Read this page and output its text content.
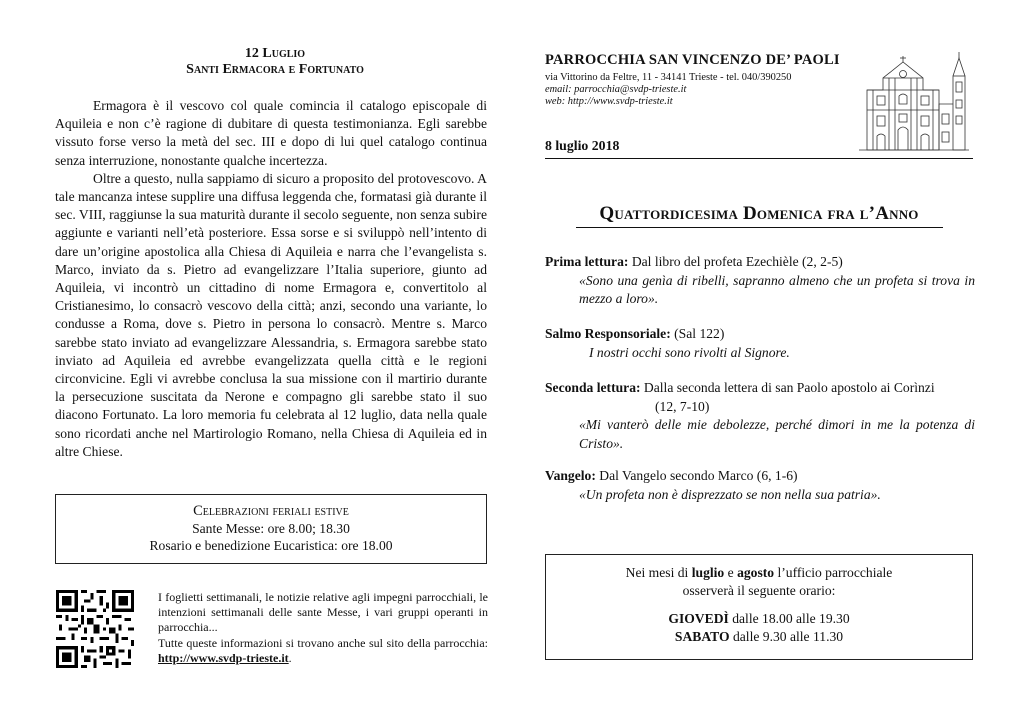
12 Luglio
Santi Ermacora e Fortunato

Ermagora è il vescovo col quale comincia il catalogo episcopale di Aquileia e non c’è ragione di dubitare di questa testimonianza. Egli sarebbe vissuto forse verso la metà del sec. III e dopo di lui quel catalogo continua senza interruzione, nonostante qualche incertezza.

Oltre a questo, nulla sappiamo di sicuro a proposito del protovescovo. A tale mancanza intese supplire una diffusa leggenda che, formatasi già durante il sec. VIII, raggiunse la sua maturità durante il secolo seguente, non senza subire aggiunte e varianti nell’età posteriore. Essa sorse e si sviluppò nell’intento di dare un’origine apostolica alla Chiesa di Aquileia e narra che l’evangelista s. Marco, inviato da s. Pietro ad evangelizzare l’Italia superiore, giunto ad Aquileia, vi incontrò un cittadino di nome Ermagora e, convertitolo al Cristianesimo, lo consacrò vescovo della città; anzi, secondo una variante, lo condusse a Roma, dove s. Pietro in persona lo consacrò. Mentre s. Marco sarebbe stato inviato ad evangelizzare Alessandria, s. Ermagora sarebbe stato inviato ad Aquileia ed avrebbe evangelizzata quella città e le regioni circonvicine. Egli vi avrebbe conclusa la sua missione con il martirio durante la persecuzione suscitata da Nerone e compagno gli sarebbe stato il suo diacono Fortunato. La loro memoria fu celebrata al 12 luglio, data nella quale sono ricordati anche nel Martirologio Romano, nella Chiesa di Aquileia ed in altre Chiese.

Celebrazioni feriali estive
Sante Messe: ore 8.00; 18.30
Rosario e benedizione Eucaristica: ore 18.00
I foglietti settimanali, le notizie relative agli impegni parrocchiali, le intenzioni settimanali delle sante Messe, i vari gruppi operanti in parrocchia...
Tutte queste informazioni si trovano anche sul sito della parrocchia: http://www.svdp-trieste.it.
PARROCCHIA SAN VINCENZO DE’ PAOLI
via Vittorino da Feltre, 11 - 34141 Trieste - tel. 040/390250
email: parrocchia@svdp-trieste.it
web: http://www.svdp-trieste.it
8 luglio 2018
Quattordicesima Domenica fra l’Anno
Prima lettura: Dal libro del profeta Ezechièle (2, 2-5)
«Sono una genìa di ribelli, sapranno almeno che un profeta si trova in mezzo a loro».
Salmo Responsoriale: (Sal 122)
I nostri occhi sono rivolti al Signore.
Seconda lettura: Dalla seconda lettera di san Paolo apostolo ai Corìnzi
(12, 7-10)
«Mi vanterò delle mie debolezze, perché dimori in me la potenza di Cristo».
Vangelo: Dal Vangelo secondo Marco (6, 1-6)
«Un profeta non è disprezzato se non nella sua patria».
Nei mesi di luglio e agosto l’ufficio parrocchiale
osserverà il seguente orario:
GIOVEDÌ dalle 18.00 alle 19.30
SABATO dalle 9.30 alle 11.30
